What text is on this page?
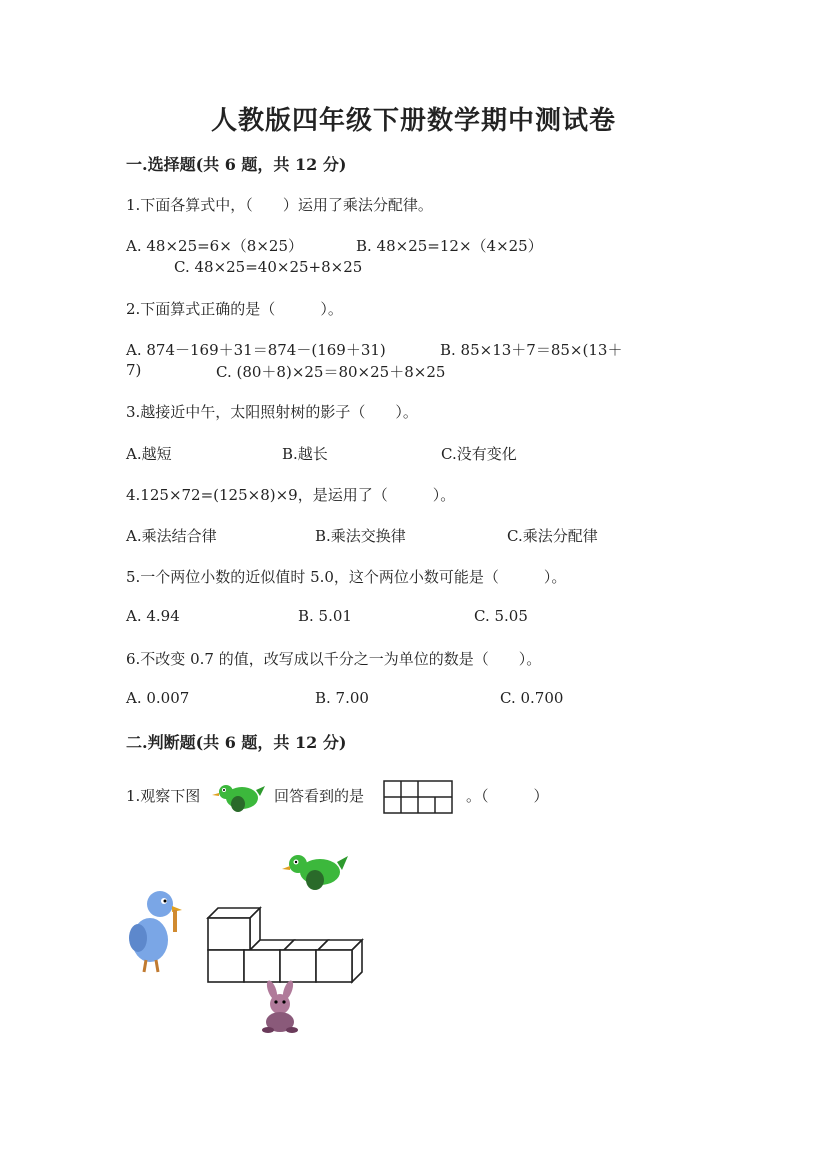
人教版四年级下册数学期中测试卷
一.选择题(共 6 题，共 12 分)
1.下面各算式中，（　　）运用了乘法分配律。
A. 48×25=6×（8×25）	B. 48×25=12×（4×25）
C. 48×25=40×25+8×25
2.下面算式正确的是（　　　）。
A. 874－169＋31＝874－(169＋31)	B. 85×13＋7＝85×(13＋
7)	C. (80＋8)×25＝80×25＋8×25
3.越接近中午，太阳照射树的影子（　　）。
A.越短	B.越长	C.没有变化
4.125×72=(125×8)×9，是运用了（　　　）。
A.乘法结合律	B.乘法交换律	C.乘法分配律
5.一个两位小数的近似值时 5.0，这个两位小数可能是（　　　）。
A. 4.94	B. 5.01	C. 5.05
6.不改变 0.7 的值，改写成以千分之一为单位的数是（　　）。
A. 0.007	B. 7.00	C. 0.700
二.判断题(共 6 题，共 12 分)
1.观察下图	回答看到的是	。（　　　）
